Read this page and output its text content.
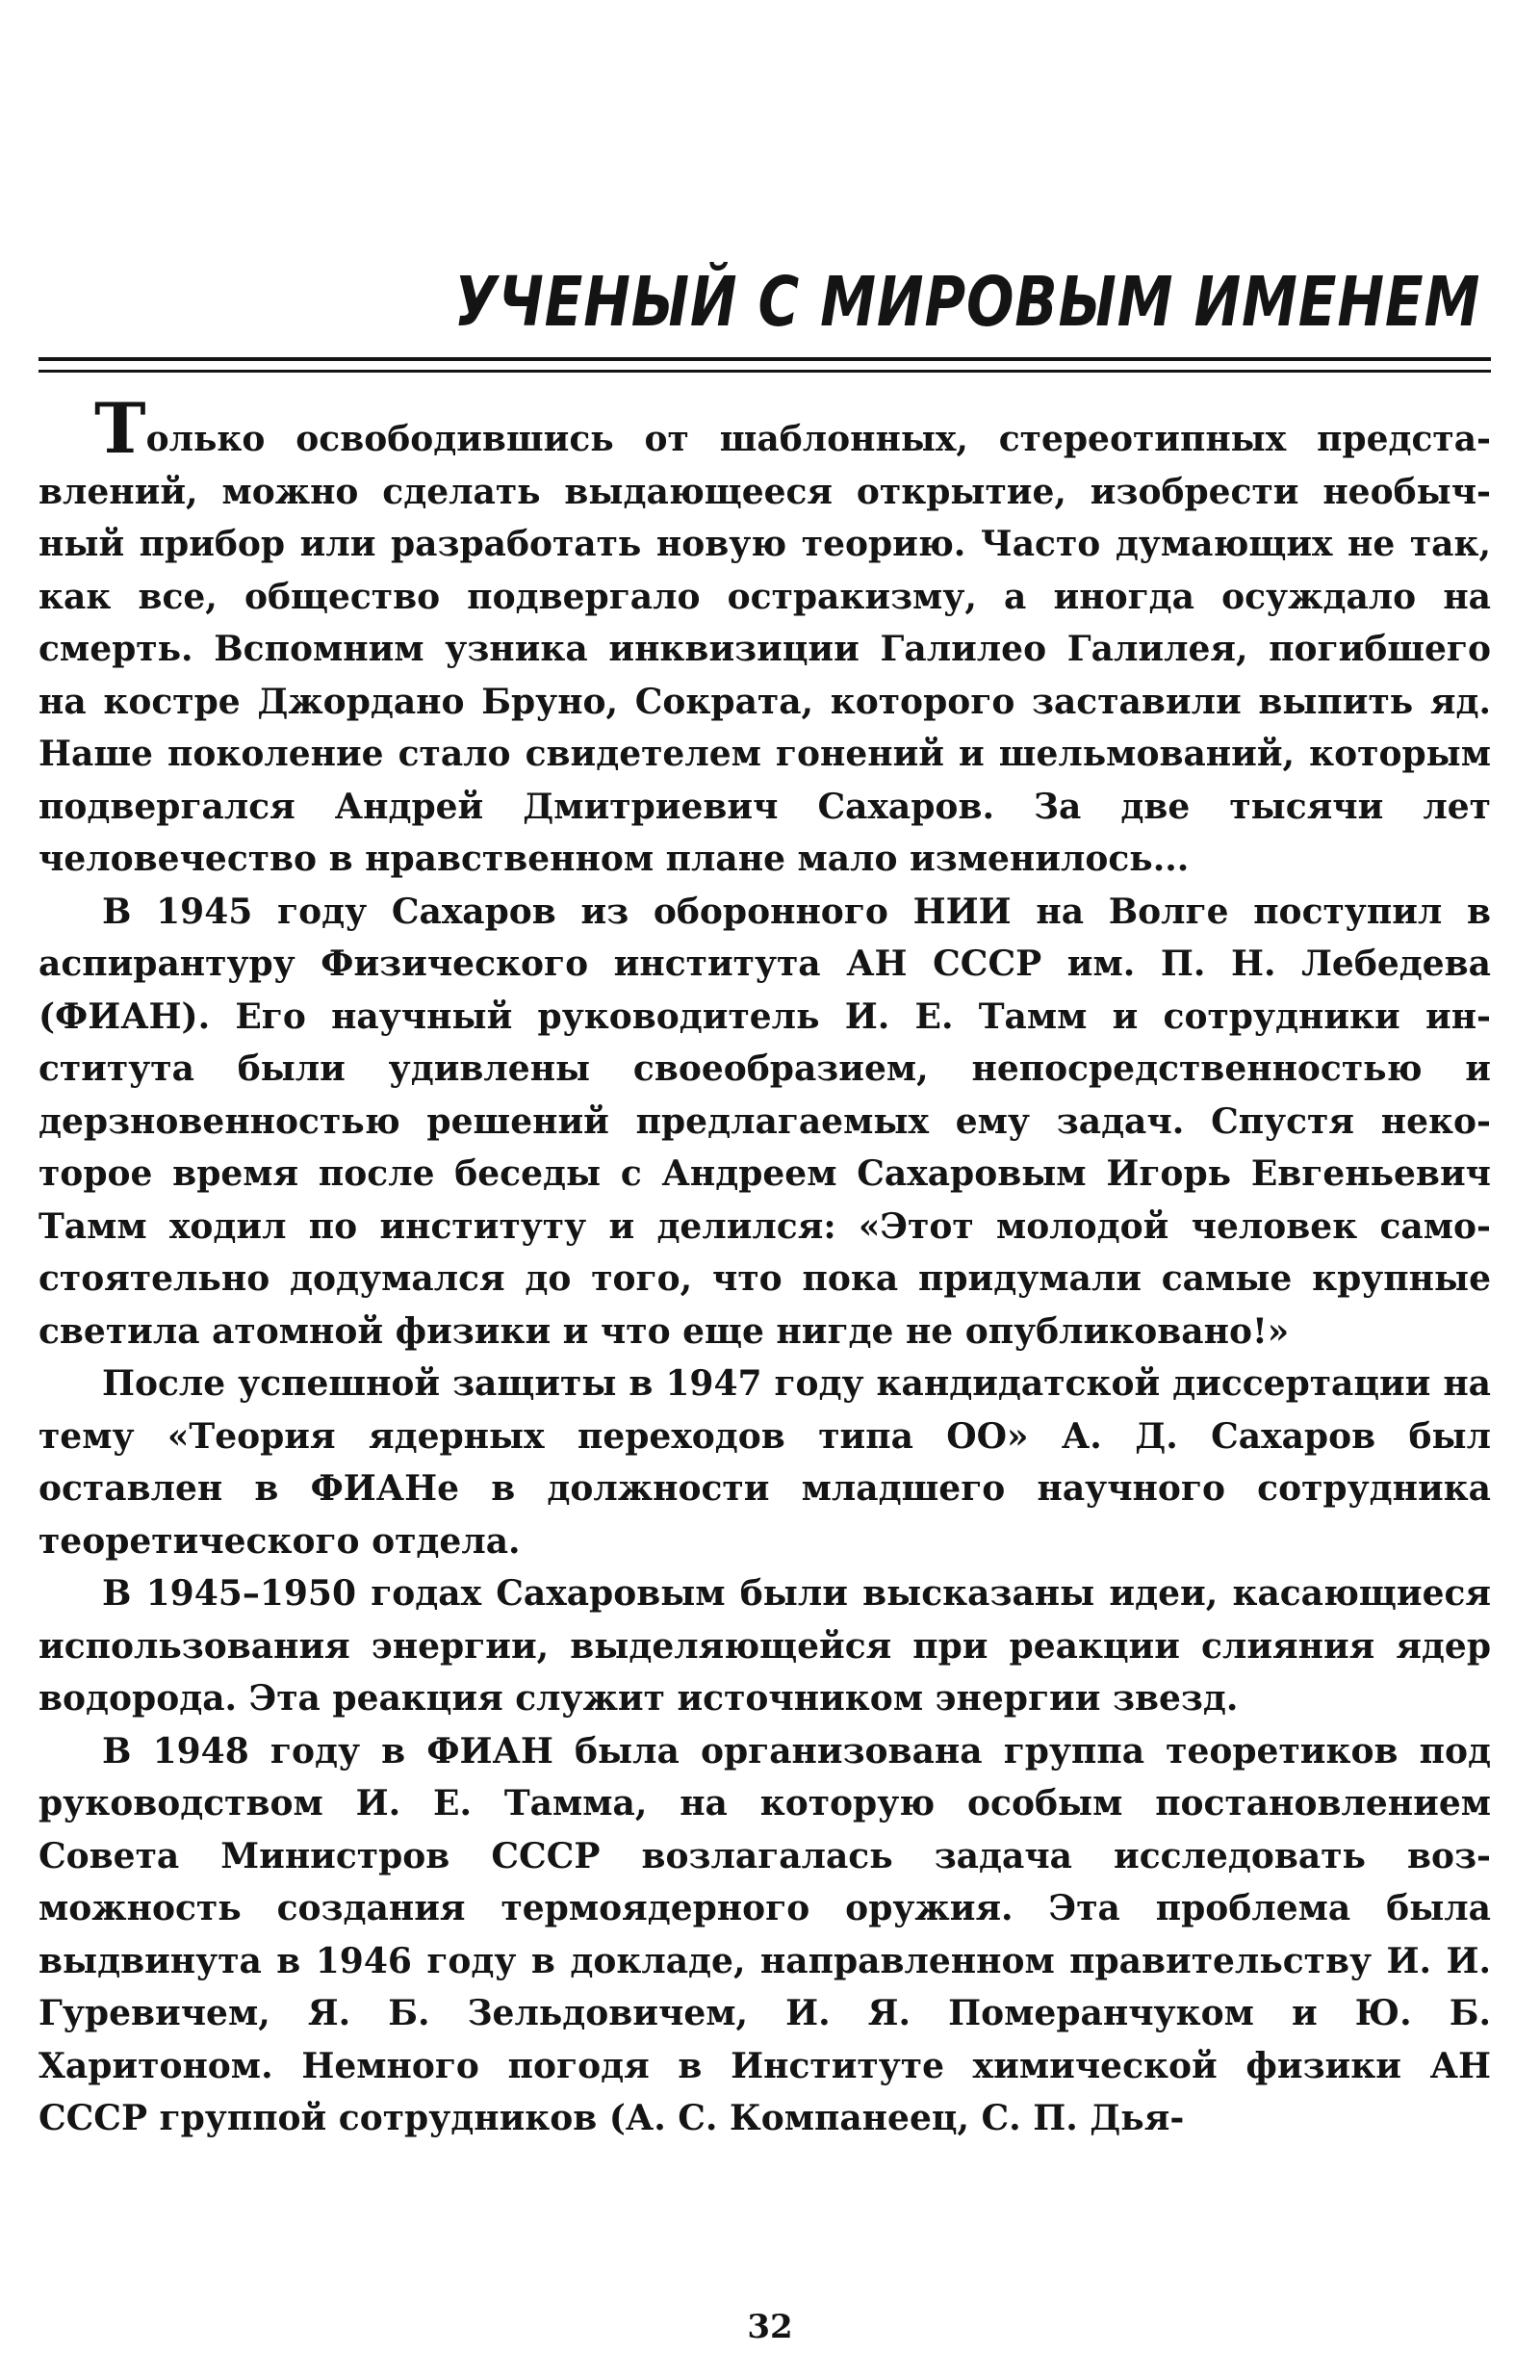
УЧЕНЫЙ С МИРОВЫМ ИМЕНЕМ

Только освободившись от шаблонных, стереотипных представлений, можно сделать выдающееся открытие, изобрести необычный прибор или разработать новую теорию. Часто думающих не так, как все, общество подвергало остракизму, а иногда осуждало на смерть. Вспомним узника инквизиции Галилео Галилея, погибшего на костре Джордано Бруно, Сократа, которого заставили выпить яд. Наше поколение стало свидетелем гонений и шельмований, которым подвергался Андрей Дмитриевич Сахаров. За две тысячи лет человечество в нравственном плане мало изменилось...

В 1945 году Сахаров из оборонного НИИ на Волге поступил в аспирантуру Физического института АН СССР им. П. Н. Лебедева (ФИАН). Его научный руководитель И. Е. Тамм и сотрудники института были удивлены своеобразием, непосредственностью и дерзновенностью решений предлагаемых ему задач. Спустя некоторое время после беседы с Андреем Сахаровым Игорь Евгеньевич Тамм ходил по институту и делился: «Этот молодой человек самостоятельно додумался до того, что пока придумали самые крупные светила атомной физики и что еще нигде не опубликовано!»

После успешной защиты в 1947 году кандидатской диссертации на тему «Теория ядерных переходов типа ОО» А. Д. Сахаров был оставлен в ФИАНе в должности младшего научного сотрудника теоретического отдела.

В 1945–1950 годах Сахаровым были высказаны идеи, касающиеся использования энергии, выделяющейся при реакции слияния ядер водорода. Эта реакция служит источником энергии звезд.

В 1948 году в ФИАН была организована группа теоретиков под руководством И. Е. Тамма, на которую особым постановлением Совета Министров СССР возлагалась задача исследовать возможность создания термоядерного оружия. Эта проблема была выдвинута в 1946 году в докладе, направленном правительству И. И. Гуревичем, Я. Б. Зельдовичем, И. Я. Померанчуком и Ю. Б. Харитоном. Немного погодя в Институте химической физики АН СССР группой сотрудников (А. С. Компанеец, С. П. Дья-

32
